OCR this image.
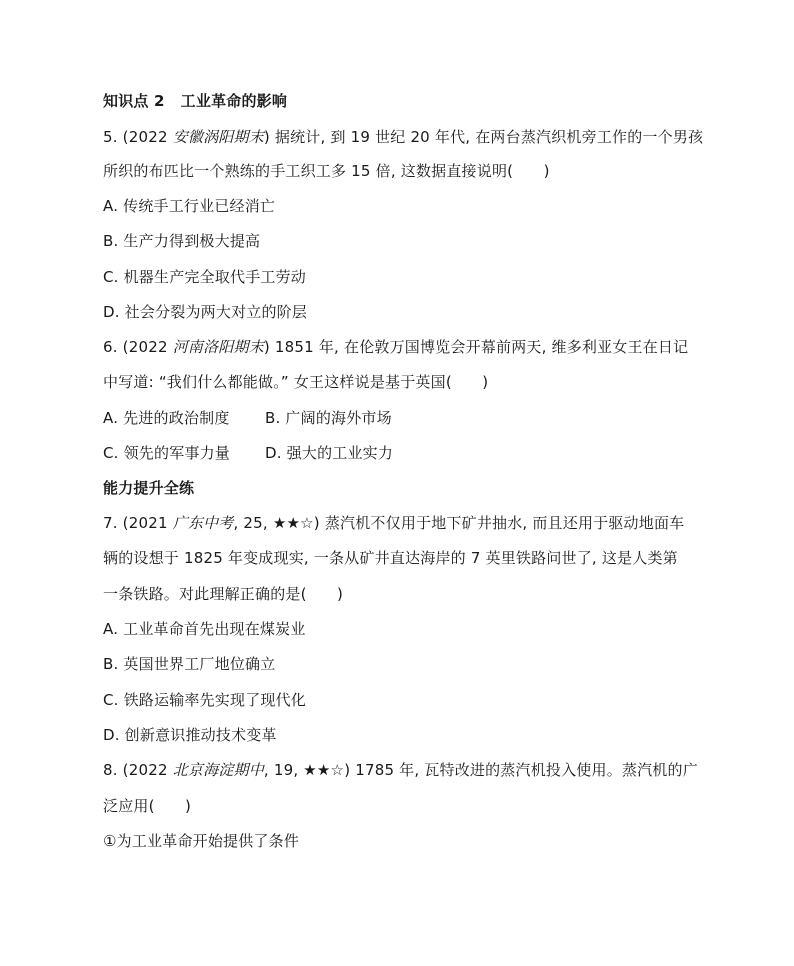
知识点 2 工业革命的影响
5. (2022 安徽涡阳期末) 据统计, 到 19 世纪 20 年代, 在两台蒸汽织机旁工作的一个男孩
所织的布匹比一个熟练的手工织工多 15 倍, 这数据直接说明(　　)
A. 传统手工行业已经消亡
B. 生产力得到极大提高
C. 机器生产完全取代手工劳动
D. 社会分裂为两大对立的阶层
6. (2022 河南洛阳期末) 1851 年, 在伦敦万国博览会开幕前两天, 维多利亚女王在日记
中写道: “我们什么都能做。” 女王这样说是基于英国(　　)
A. 先进的政治制度 B. 广阔的海外市场
C. 领先的军事力量 D. 强大的工业实力
能力提升全练
7. (2021 广东中考, 25, ★★☆) 蒸汽机不仅用于地下矿井抽水, 而且还用于驱动地面车
辆的设想于 1825 年变成现实, 一条从矿井直达海岸的 7 英里铁路问世了, 这是人类第
一条铁路。对此理解正确的是(　　)
A. 工业革命首先出现在煤炭业
B. 英国世界工厂地位确立
C. 铁路运输率先实现了现代化
D. 创新意识推动技术变革
8. (2022 北京海淀期中, 19, ★★☆) 1785 年, 瓦特改进的蒸汽机投入使用。蒸汽机的广
泛应用(　　)
①为工业革命开始提供了条件
